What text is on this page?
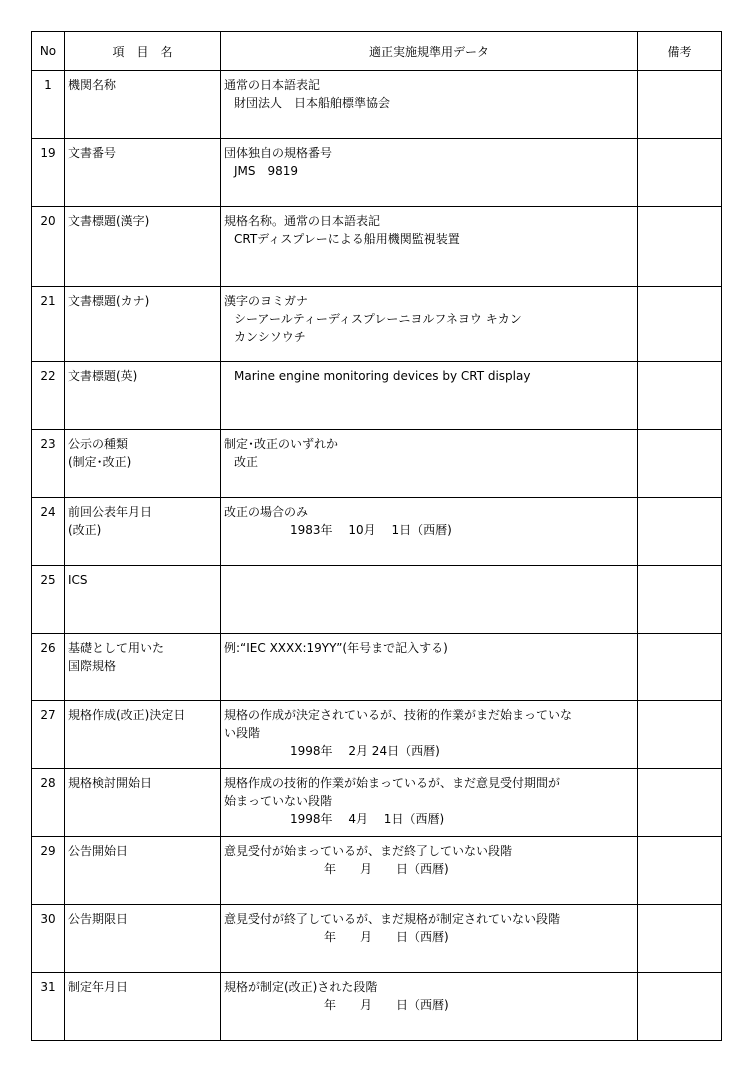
No	項　目　名	適正実施規準用データ	備考
1	機関名称	通常の日本語表記
財団法人　日本船舶標準協会	

19	文書番号	団体独自の規格番号
JMS　9819	

20	文書標題(漢字)	規格名称。通常の日本語表記
CRTディスプレーによる船用機関監視装置	

21	文書標題(カナ)	漢字のヨミガナ
シーアールティーディスプレーニヨルフネヨウ キカン
カンシソウチ	

22	文書標題(英)	Marine engine monitoring devices by CRT display	

23	公示の種類
(制定･改正)	制定･改正のいずれか
改正	

24	前回公表年月日
(改正)	改正の場合のみ
1983年　 10月　 1日（西暦)	

25	ICS		

26	基礎として用いた
国際規格	例:“IEC XXXX:19YY”(年号まで記入する)	

27	規格作成(改正)決定日	規格の作成が決定されているが、技術的作業がまだ始まっていな
い段階
1998年　 2月 24日（西暦)	

28	規格検討開始日	規格作成の技術的作業が始まっているが、まだ意見受付期間が
始まっていない段階
1998年　 4月　 1日（西暦)	

29	公告開始日	意見受付が始まっているが、まだ終了していない段階
年　　月　　日（西暦)	

30	公告期限日	意見受付が終了しているが、まだ規格が制定されていない段階
年　　月　　日（西暦)	

31	制定年月日	規格が制定(改正)された段階
年　　月　　日（西暦)	
